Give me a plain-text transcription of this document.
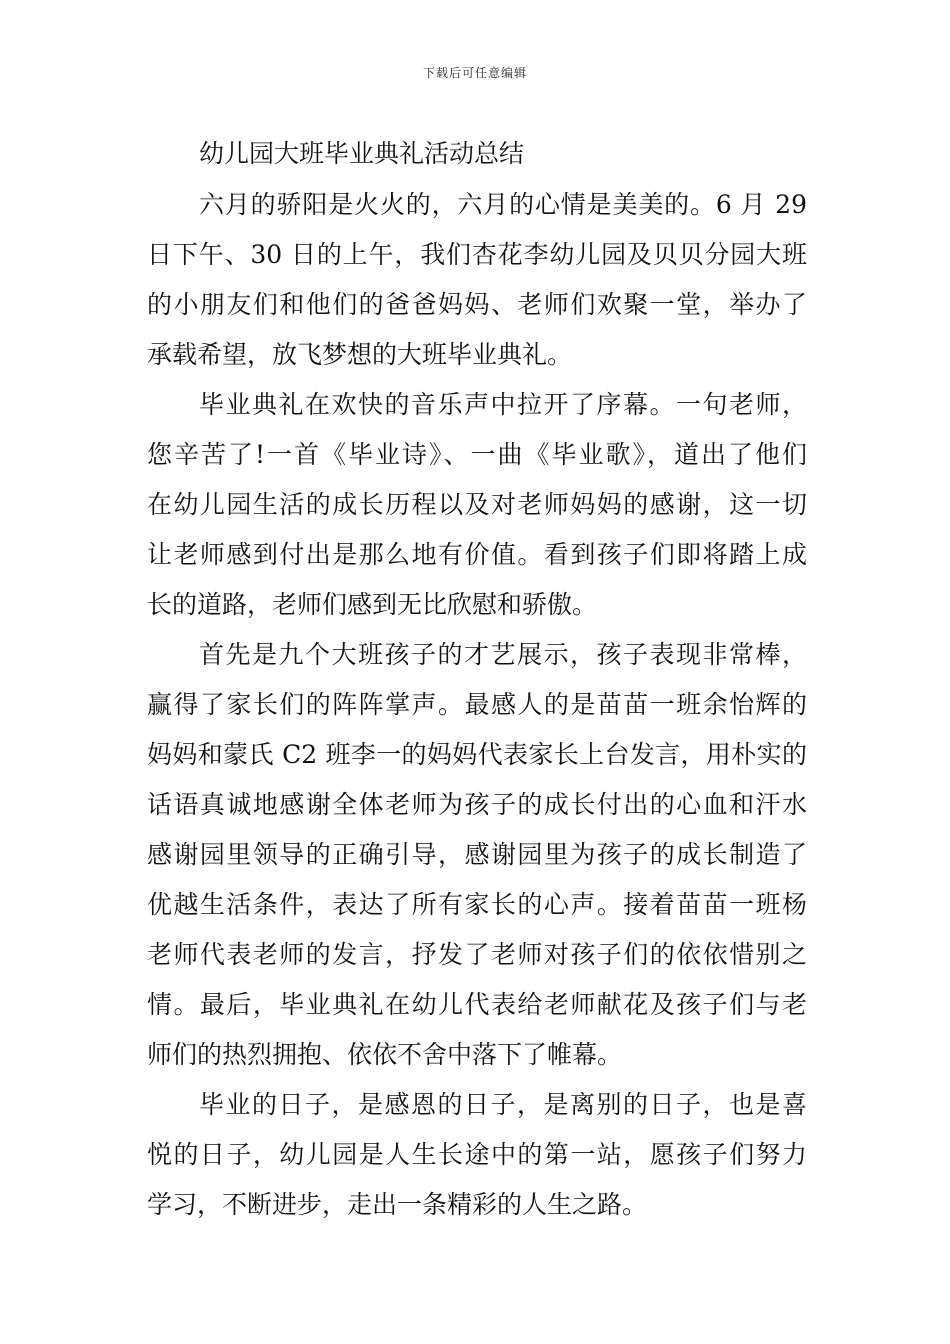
下载后可任意编辑
幼儿园大班毕业典礼活动总结

六月的骄阳是火火的，六月的心情是美美的。6 月 29
日下午、30 日的上午，我们杏花李幼儿园及贝贝分园大班
的小朋友们和他们的爸爸妈妈、老师们欢聚一堂，举办了
承载希望，放飞梦想的大班毕业典礼。

毕业典礼在欢快的音乐声中拉开了序幕。一句老师，
您辛苦了!一首《毕业诗》、一曲《毕业歌》，道出了他们
在幼儿园生活的成长历程以及对老师妈妈的感谢，这一切
让老师感到付出是那么地有价值。看到孩子们即将踏上成
长的道路，老师们感到无比欣慰和骄傲。

首先是九个大班孩子的才艺展示，孩子表现非常棒，
赢得了家长们的阵阵掌声。最感人的是苗苗一班余怡辉的
妈妈和蒙氏 C2 班李一的妈妈代表家长上台发言，用朴实的
话语真诚地感谢全体老师为孩子的成长付出的心血和汗水
感谢园里领导的正确引导，感谢园里为孩子的成长制造了
优越生活条件，表达了所有家长的心声。接着苗苗一班杨
老师代表老师的发言，抒发了老师对孩子们的依依惜别之
情。最后，毕业典礼在幼儿代表给老师献花及孩子们与老
师们的热烈拥抱、依依不舍中落下了帷幕。

毕业的日子，是感恩的日子，是离别的日子，也是喜
悦的日子，幼儿园是人生长途中的第一站，愿孩子们努力
学习，不断进步，走出一条精彩的人生之路。
